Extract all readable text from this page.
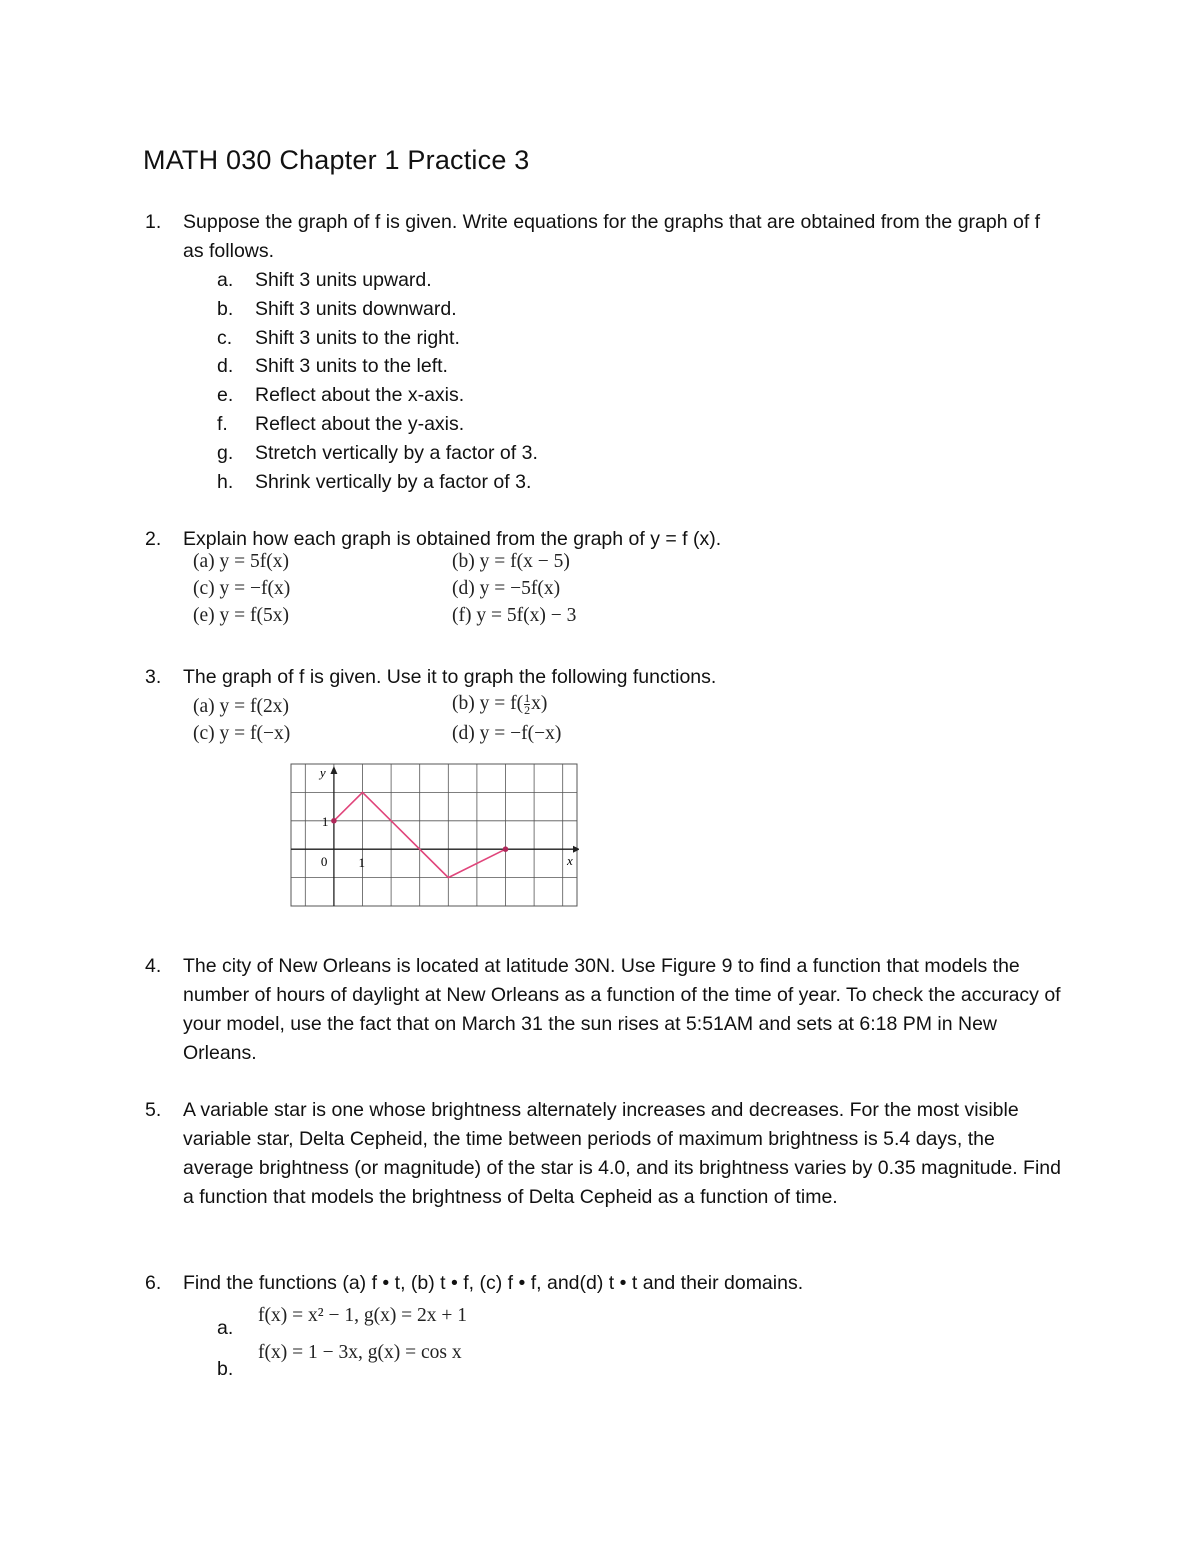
MATH 030 Chapter 1 Practice 3
1. Suppose the graph of f is given. Write equations for the graphs that are obtained from the graph of f as follows.
a. Shift 3 units upward.
b. Shift 3 units downward.
c. Shift 3 units to the right.
d. Shift 3 units to the left.
e. Reflect about the x-axis.
f. Reflect about the y-axis.
g. Stretch vertically by a factor of 3.
h. Shrink vertically by a factor of 3.
2. Explain how each graph is obtained from the graph of y = f (x).
(a) y = 5f(x)	(b) y = f(x − 5)
(c) y = −f(x)	(d) y = −5f(x)
(e) y = f(5x)	(f) y = 5f(x) − 3
3. The graph of f is given. Use it to graph the following functions.
(a) y = f(2x)	(b) $y = f( \frac{1}{2} x)$
(c) y = f(−x)	(d) y = −f(−x)
y
x
1
1
0
4. The city of New Orleans is located at latitude 30N. Use Figure 9 to find a function that models the number of hours of daylight at New Orleans as a function of the time of year. To check the accuracy of your model, use the fact that on March 31 the sun rises at 5:51AM and sets at 6:18 PM in New Orleans.
5. A variable star is one whose brightness alternately increases and decreases. For the most visible variable star, Delta Cepheid, the time between periods of maximum brightness is 5.4 days, the average brightness (or magnitude) of the star is 4.0, and its brightness varies by 0.35 magnitude. Find a function that models the brightness of Delta Cepheid as a function of time.
6. Find the functions (a) f • t, (b) t • f, (c) f • f, and(d) t • t and their domains.
a.
f(x) = x² − 1, g(x) = 2x + 1
b.
f(x) = 1 − 3x, g(x) = cos x
